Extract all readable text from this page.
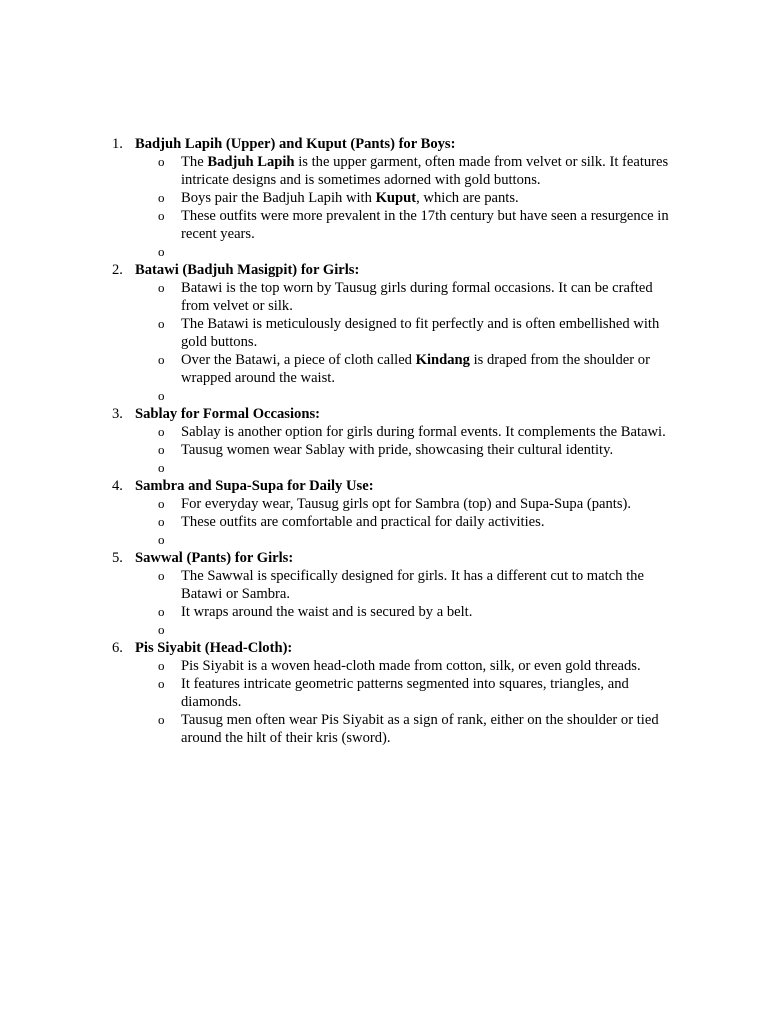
1. Badjuh Lapih (Upper) and Kuput (Pants) for Boys:
o The Badjuh Lapih is the upper garment, often made from velvet or silk. It features intricate designs and is sometimes adorned with gold buttons.
o Boys pair the Badjuh Lapih with Kuput, which are pants.
o These outfits were more prevalent in the 17th century but have seen a resurgence in recent years.
o
2. Batawi (Badjuh Masigpit) for Girls:
o Batawi is the top worn by Tausug girls during formal occasions. It can be crafted from velvet or silk.
o The Batawi is meticulously designed to fit perfectly and is often embellished with gold buttons.
o Over the Batawi, a piece of cloth called Kindang is draped from the shoulder or wrapped around the waist.
o
3. Sablay for Formal Occasions:
o Sablay is another option for girls during formal events. It complements the Batawi.
o Tausug women wear Sablay with pride, showcasing their cultural identity.
o
4. Sambra and Supa-Supa for Daily Use:
o For everyday wear, Tausug girls opt for Sambra (top) and Supa-Supa (pants).
o These outfits are comfortable and practical for daily activities.
o
5. Sawwal (Pants) for Girls:
o The Sawwal is specifically designed for girls. It has a different cut to match the Batawi or Sambra.
o It wraps around the waist and is secured by a belt.
o
6. Pis Siyabit (Head-Cloth):
o Pis Siyabit is a woven head-cloth made from cotton, silk, or even gold threads.
o It features intricate geometric patterns segmented into squares, triangles, and diamonds.
o Tausug men often wear Pis Siyabit as a sign of rank, either on the shoulder or tied around the hilt of their kris (sword).
